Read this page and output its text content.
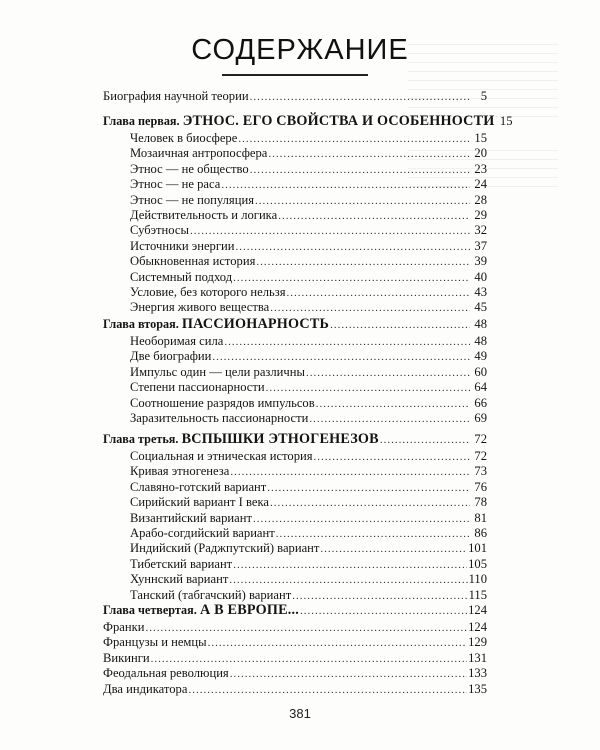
СОДЕРЖАНИЕ
Биография научной теории .....	5
Глава первая. ЭТНОС. ЕГО СВОЙСТВА И ОСОБЕННОСТИ 15
Человек в биосфере .....	15
Мозаичная антропосфера .....	20
Этнос — не общество .....	23
Этнос — не раса .....	24
Этнос — не популяция .....	28
Действительность и логика .....	29
Субэтносы .....	32
Источники энергии .....	37
Обыкновенная история .....	39
Системный подход .....	40
Условие, без которого нельзя .....	43
Энергия живого вещества .....	45
Глава вторая. ПАССИОНАРНОСТЬ .....	48
Необоримая сила .....	48
Две биографии .....	49
Импульс один — цели различны .....	60
Степени пассионарности .....	64
Соотношение разрядов импульсов .....	66
Заразительность пассионарности .....	69
Глава третья. ВСПЫШКИ ЭТНОГЕНЕЗОВ .....	72
Социальная и этническая история .....	72
Кривая этногенеза .....	73
Славяно-готский вариант .....	76
Сирийский вариант I века .....	78
Византийский вариант .....	81
Арабо-согдийский вариант .....	86
Индийский (Раджпутский) вариант .....	101
Тибетский вариант .....	105
Хуннский вариант .....	110
Танский (табгачский) вариант .....	115
Глава четвертая. А В ЕВРОПЕ... .....	124
Франки .....	124
Французы и немцы .....	129
Викинги .....	131
Феодальная революция .....	133
Два индикатора .....	135
381
